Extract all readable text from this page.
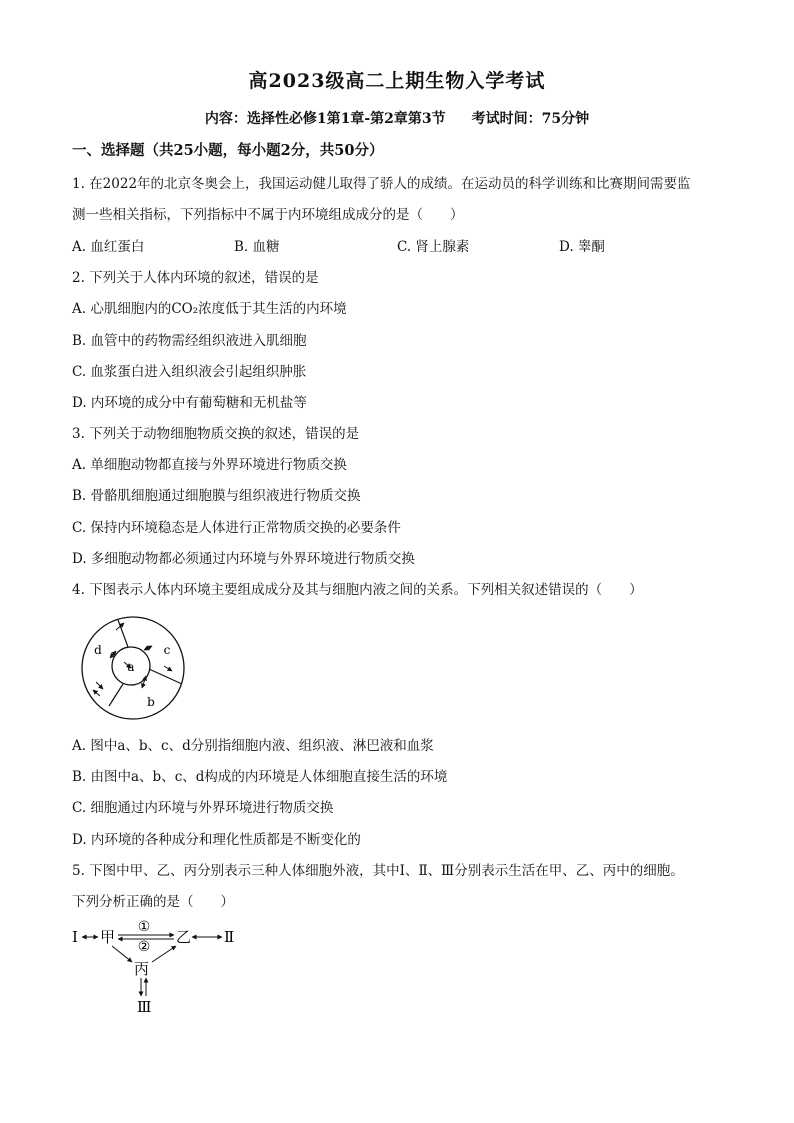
高2023级高二上期生物入学考试
内容：选择性必修1第1章-第2章第3节 考试时间：75分钟
一、选择题（共25小题，每小题2分，共50分）
1. 在2022年的北京冬奥会上，我国运动健儿取得了骄人的成绩。在运动员的科学训练和比赛期间需要监
测一些相关指标，下列指标中不属于内环境组成成分的是（　　）
A. 血红蛋白	B. 血糖	C. 肾上腺素	D. 睾酮
2. 下列关于人体内环境的叙述，错误的是
A. 心肌细胞内的CO₂浓度低于其生活的内环境
B. 血管中的药物需经组织液进入肌细胞
C. 血浆蛋白进入组织液会引起组织肿胀
D. 内环境的成分中有葡萄糖和无机盐等
3. 下列关于动物细胞物质交换的叙述，错误的是
A. 单细胞动物都直接与外界环境进行物质交换
B. 骨骼肌细胞通过细胞膜与组织液进行物质交换
C. 保持内环境稳态是人体进行正常物质交换的必要条件
D. 多细胞动物都必须通过内环境与外界环境进行物质交换
4. 下图表示人体内环境主要组成成分及其与细胞内液之间的关系。下列相关叙述错误的（　　）
a
b
c
d
A. 图中a、b、c、d分别指细胞内液、组织液、淋巴液和血浆
B. 由图中a、b、c、d构成的内环境是人体细胞直接生活的环境
C. 细胞通过内环境与外界环境进行物质交换
D. 内环境的各种成分和理化性质都是不断变化的
5. 下图中甲、乙、丙分别表示三种人体细胞外液，其中Ⅰ、Ⅱ、Ⅲ分别表示生活在甲、乙、丙中的细胞。
下列分析正确的是（　　）
Ⅰ 甲
①
②
乙 Ⅱ
丙
Ⅲ
